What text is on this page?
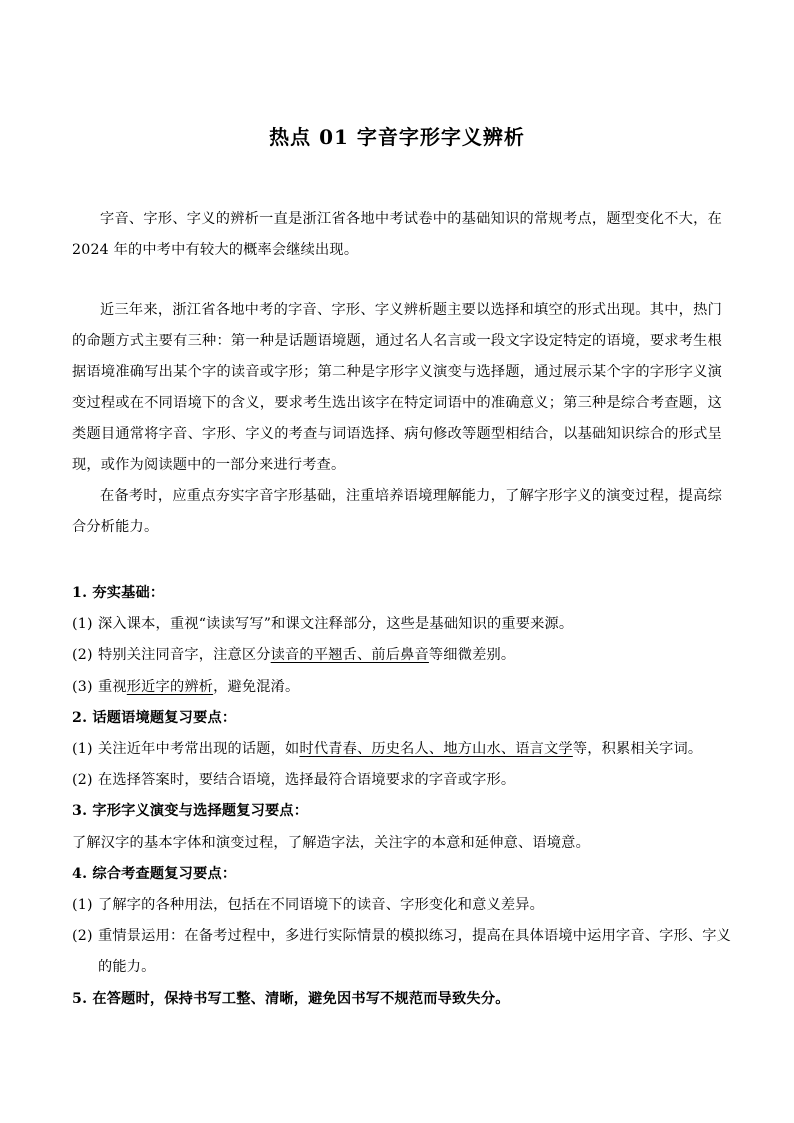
热点 01 字音字形字义辨析
字音、字形、字义的辨析一直是浙江省各地中考试卷中的基础知识的常规考点，题型变化不大，在 2024 年的中考中有较大的概率会继续出现。
近三年来，浙江省各地中考的字音、字形、字义辨析题主要以选择和填空的形式出现。其中，热门的命题方式主要有三种：第一种是话题语境题，通过名人名言或一段文字设定特定的语境，要求考生根据语境准确写出某个字的读音或字形；第二种是字形字义演变与选择题，通过展示某个字的字形字义演变过程或在不同语境下的含义，要求考生选出该字在特定词语中的准确意义；第三种是综合考查题，这类题目通常将字音、字形、字义的考查与词语选择、病句修改等题型相结合，以基础知识综合的形式呈现，或作为阅读题中的一部分来进行考查。
在备考时，应重点夯实字音字形基础，注重培养语境理解能力，了解字形字义的演变过程，提高综合分析能力。
1. 夯实基础：
(1) 深入课本，重视“读读写写”和课文注释部分，这些是基础知识的重要来源。
(2) 特别关注同音字，注意区分读音的平翘舌、前后鼻音等细微差别。
(3) 重视形近字的辨析，避免混淆。
2. 话题语境题复习要点：
(1) 关注近年中考常出现的话题，如时代青春、历史名人、地方山水、语言文学等，积累相关字词。
(2) 在选择答案时，要结合语境，选择最符合语境要求的字音或字形。
3. 字形字义演变与选择题复习要点：
了解汉字的基本字体和演变过程，了解造字法，关注字的本意和延伸意、语境意。
4. 综合考查题复习要点：
(1) 了解字的各种用法，包括在不同语境下的读音、字形变化和意义差异。
(2) 重情景运用：在备考过程中，多进行实际情景的模拟练习，提高在具体语境中运用字音、字形、字义
的能力。
5. 在答题时，保持书写工整、清晰，避免因书写不规范而导致失分。
